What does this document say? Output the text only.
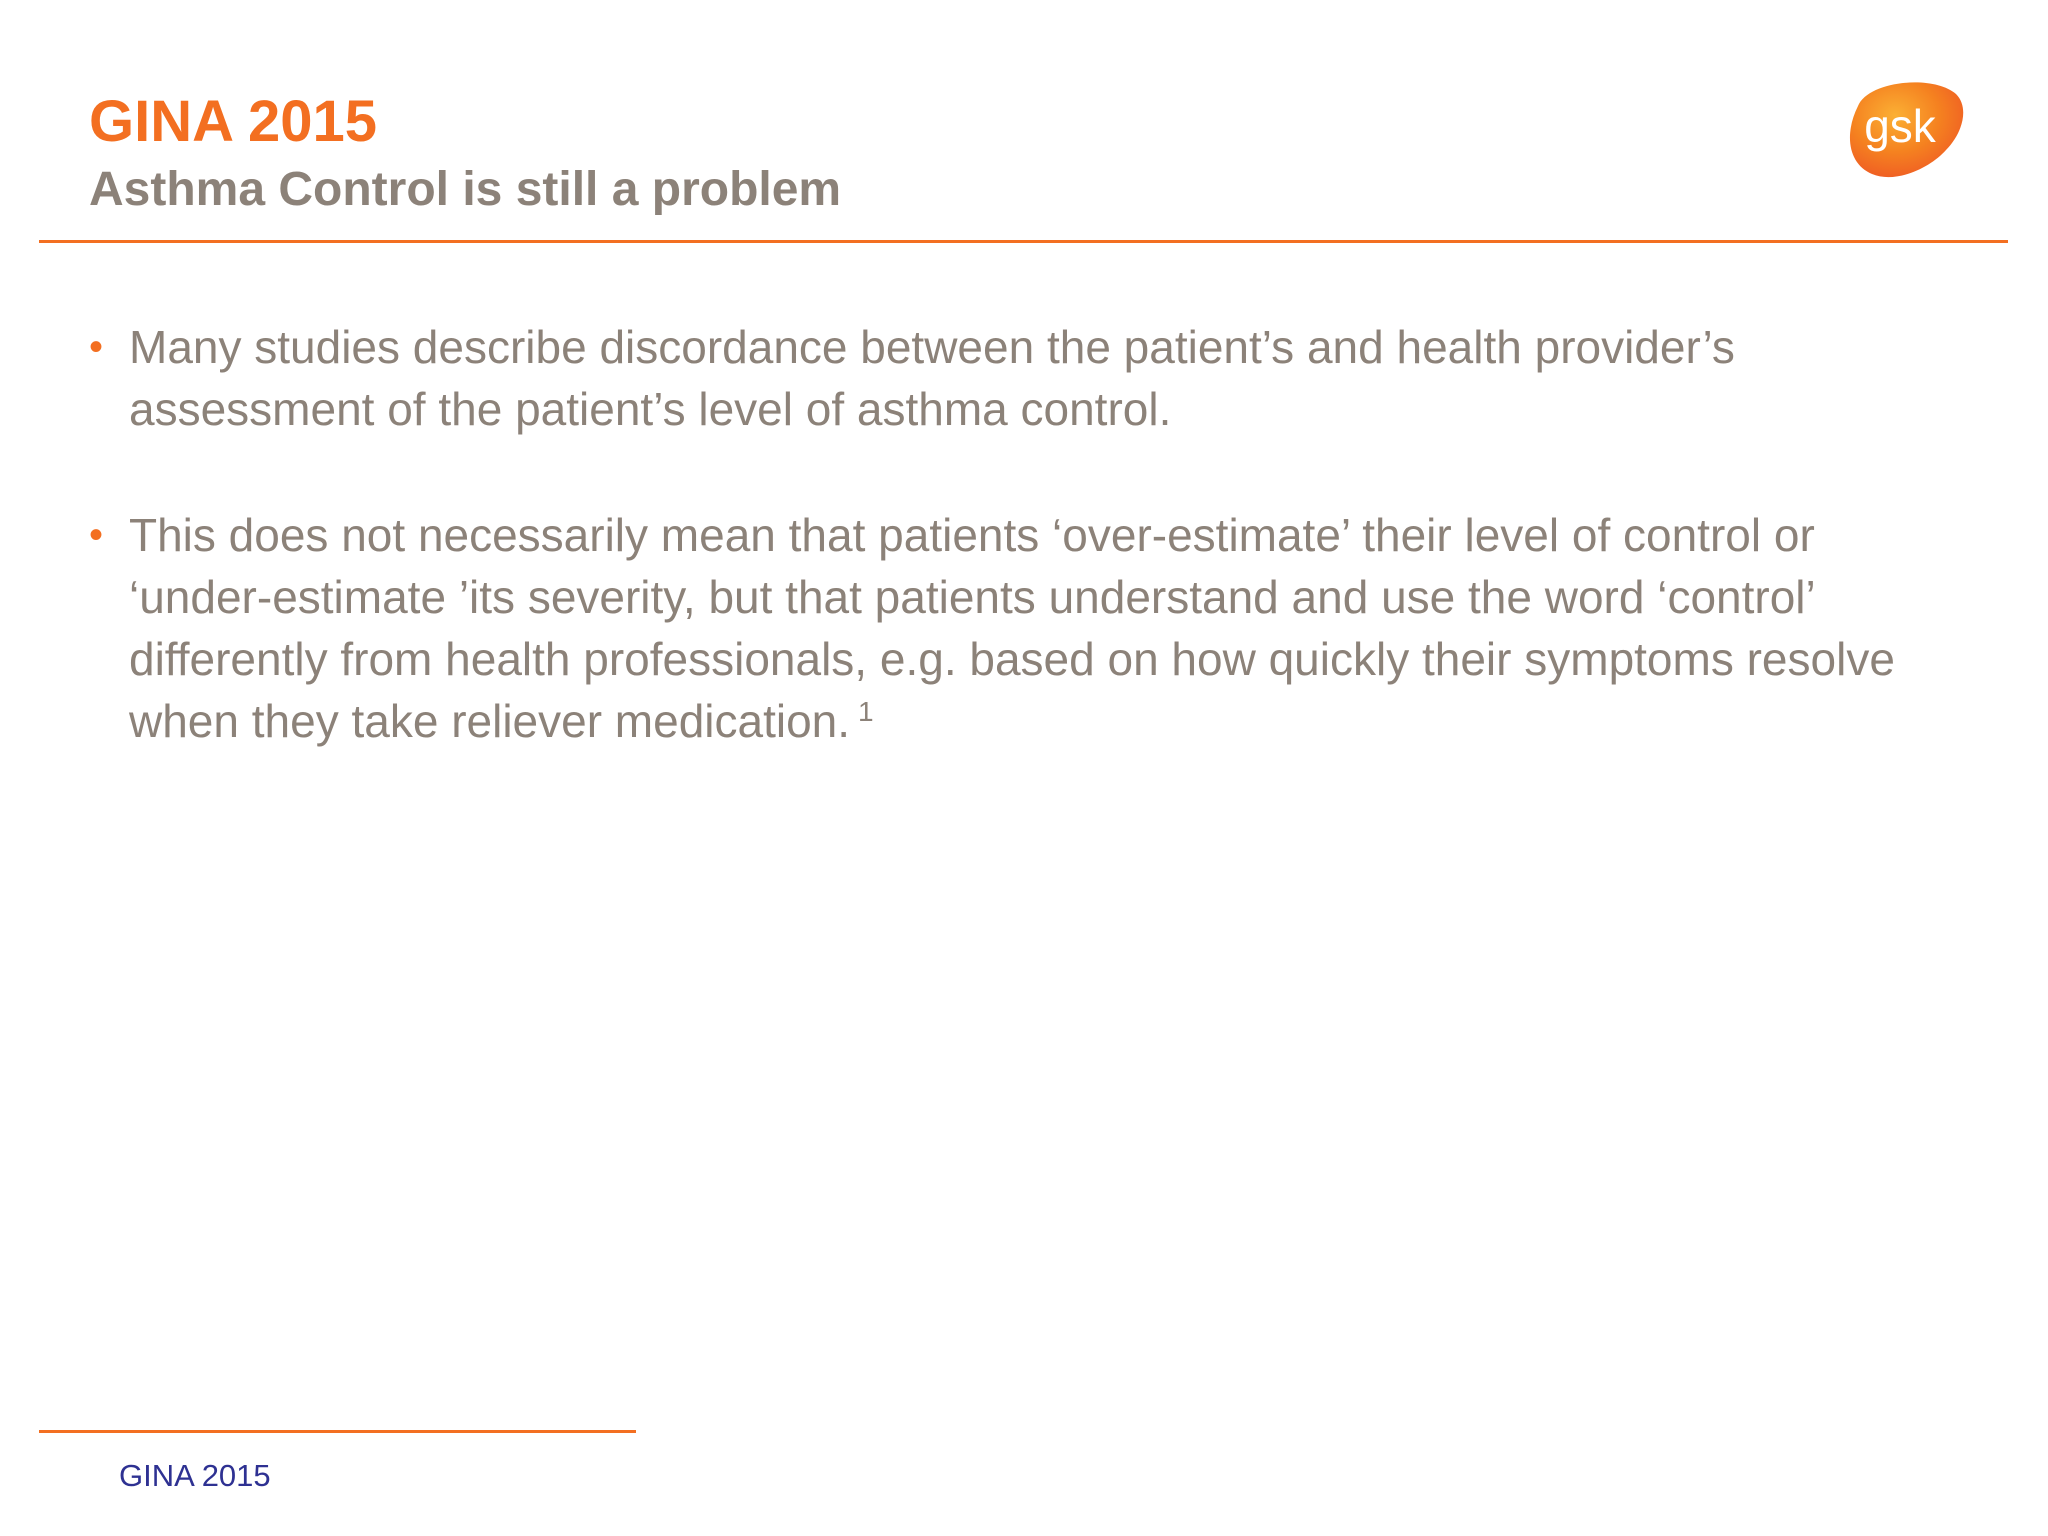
GINA 2015
Asthma Control is still a problem
gsk
• Many studies describe discordance between the patient’s and health provider’s assessment of the patient’s level of asthma control.
• This does not necessarily mean that patients ‘over-estimate’ their level of control or ‘under-estimate ’its severity, but that patients understand and use the word ‘control’ differently from health professionals, e.g. based on how quickly their symptoms resolve when they take reliever medication. $^1$

GINA 2015
